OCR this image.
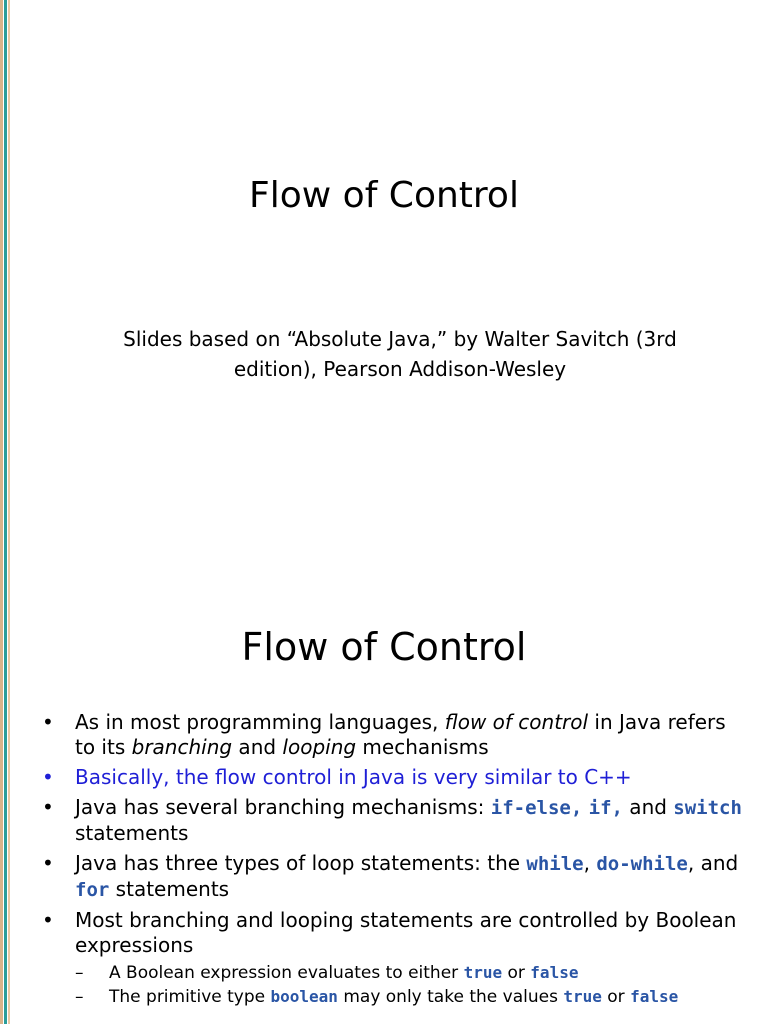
Flow of Control
Slides based on “Absolute Java,” by Walter Savitch (3rd
edition), Pearson Addison-Wesley
Flow of Control
• As in most programming languages, flow of control in Java refers to its branching and looping mechanisms
• Basically, the flow control in Java is very similar to C++
• Java has several branching mechanisms: if-else, if, and switch statements
• Java has three types of loop statements: the while, do-while, and for statements
• Most branching and looping statements are controlled by Boolean expressions
– A Boolean expression evaluates to either true or false
– The primitive type boolean may only take the values true or false
